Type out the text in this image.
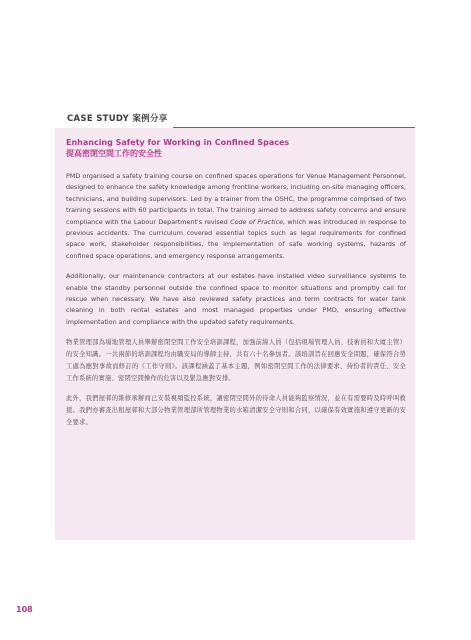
CASE STUDY 案例分享
Enhancing Safety for Working in Confined Spaces
提高密閉空間工作的安全性

PMD organised a safety training course on confined spaces operations for Venue Management Personnel, designed to enhance the safety knowledge among frontline workers, including on-site managing officers, technicians, and building supervisors. Led by a trainer from the OSHC, the programme comprised of two training sessions with 60 participants in total. The training aimed to address safety concerns and ensure compliance with the Labour Department's revised Code of Practice, which was introduced in response to previous accidents. The curriculum covered essential topics such as legal requirements for confined space work, stakeholder responsibilities, the implementation of safe working systems, hazards of confined space operations, and emergency response arrangements.

Additionally, our maintenance contractors at our estates have installed video surveillance systems to enable the standby personnel outside the confined space to monitor situations and promptly call for rescue when necessary. We have also reviewed safety practices and term contracts for water tank cleaning in both rental estates and most managed properties under PMD, ensuring effective implementation and compliance with the updated safety requirements.

物業管理部為場地管理人員舉辦密閉空間工作安全培訓課程，加強前線人員（包括現場管理人員、技術員和大廈主管）的安全知識。一共兩節的培訓課程均由職安局的導師主持，共有六十名參加者。該培訓旨在回應安全問題，確保符合勞工處為應對事故而修訂的《工作守則》。該課程涵蓋了基本主題，例如密閉空間工作的法律要求、持份者的責任、安全工作系統的實施、密閉空間操作的危害以及緊急應對安排。

此外，我們屋邨的維修承辦商已安裝視頻監控系統，讓密閉空間外的待命人員能夠監察情況，並在有需要時及時呼叫救援。我們亦審查出租屋邨和大部分物業管理部所管理物業的水箱清潔安全守則和合同，以確保有效實施和遵守更新的安全要求。

108
